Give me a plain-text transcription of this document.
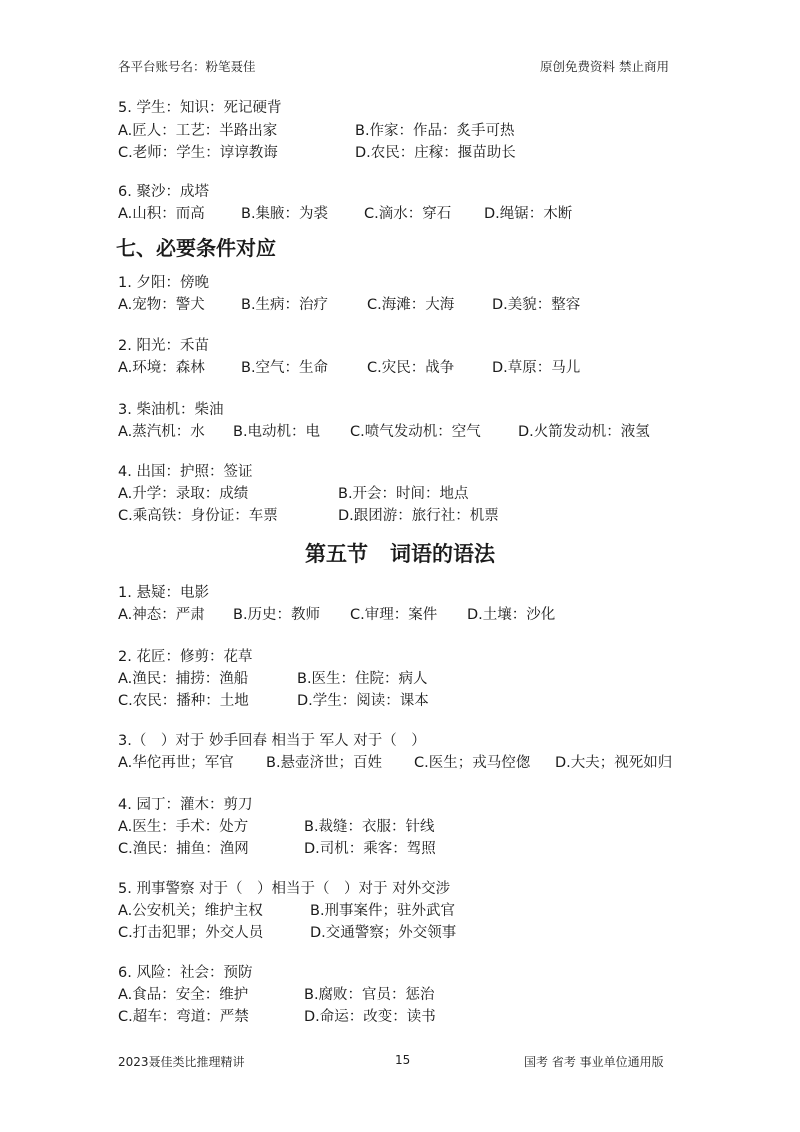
各平台账号名：粉笔聂佳	原创免费资料 禁止商用
5. 学生：知识：死记硬背
A.匠人：工艺：半路出家	B.作家：作品：炙手可热
C.老师：学生：谆谆教诲	D.农民：庄稼：揠苗助长
6. 聚沙：成塔
A.山积：而高 B.集腋：为裘 C.滴水：穿石 D.绳锯：木断
七、必要条件对应
1. 夕阳：傍晚
A.宠物：警犬 B.生病：治疗	C.海滩：大海	D.美貌：整容
2. 阳光：禾苗
A.环境：森林 B.空气：生命	C.灾民：战争	D.草原：马儿
3. 柴油机：柴油
A.蒸汽机：水 B.电动机：电 C.喷气发动机：空气	D.火箭发动机：液氢
4. 出国：护照：签证
A.升学：录取：成绩	B.开会：时间：地点
C.乘高铁：身份证：车票	D.跟团游：旅行社：机票
第五节 词语的语法
1. 悬疑：电影
A.神态：严肃 B.历史：教师 C.审理：案件 D.土壤：沙化
2. 花匠：修剪：花草
A.渔民：捕捞：渔船	B.医生：住院：病人
C.农民：播种：土地	D.学生：阅读：课本
3.（　）对于 妙手回春 相当于 军人 对于（　）
A.华佗再世；军官 B.悬壶济世；百姓 C.医生；戎马倥偬 D.大夫；视死如归
4. 园丁：灌木：剪刀
A.医生：手术：处方	B.裁缝：衣服：针线
C.渔民：捕鱼：渔网	D.司机：乘客：驾照
5. 刑事警察 对于（　）相当于（　）对于 对外交涉
A.公安机关；维护主权	B.刑事案件；驻外武官
C.打击犯罪；外交人员	D.交通警察；外交领事
6. 风险：社会：预防
A.食品：安全：维护	B.腐败：官员：惩治
C.超车：弯道：严禁	D.命运：改变：读书
2023聂佳类比推理精讲	15	国考 省考 事业单位通用版
